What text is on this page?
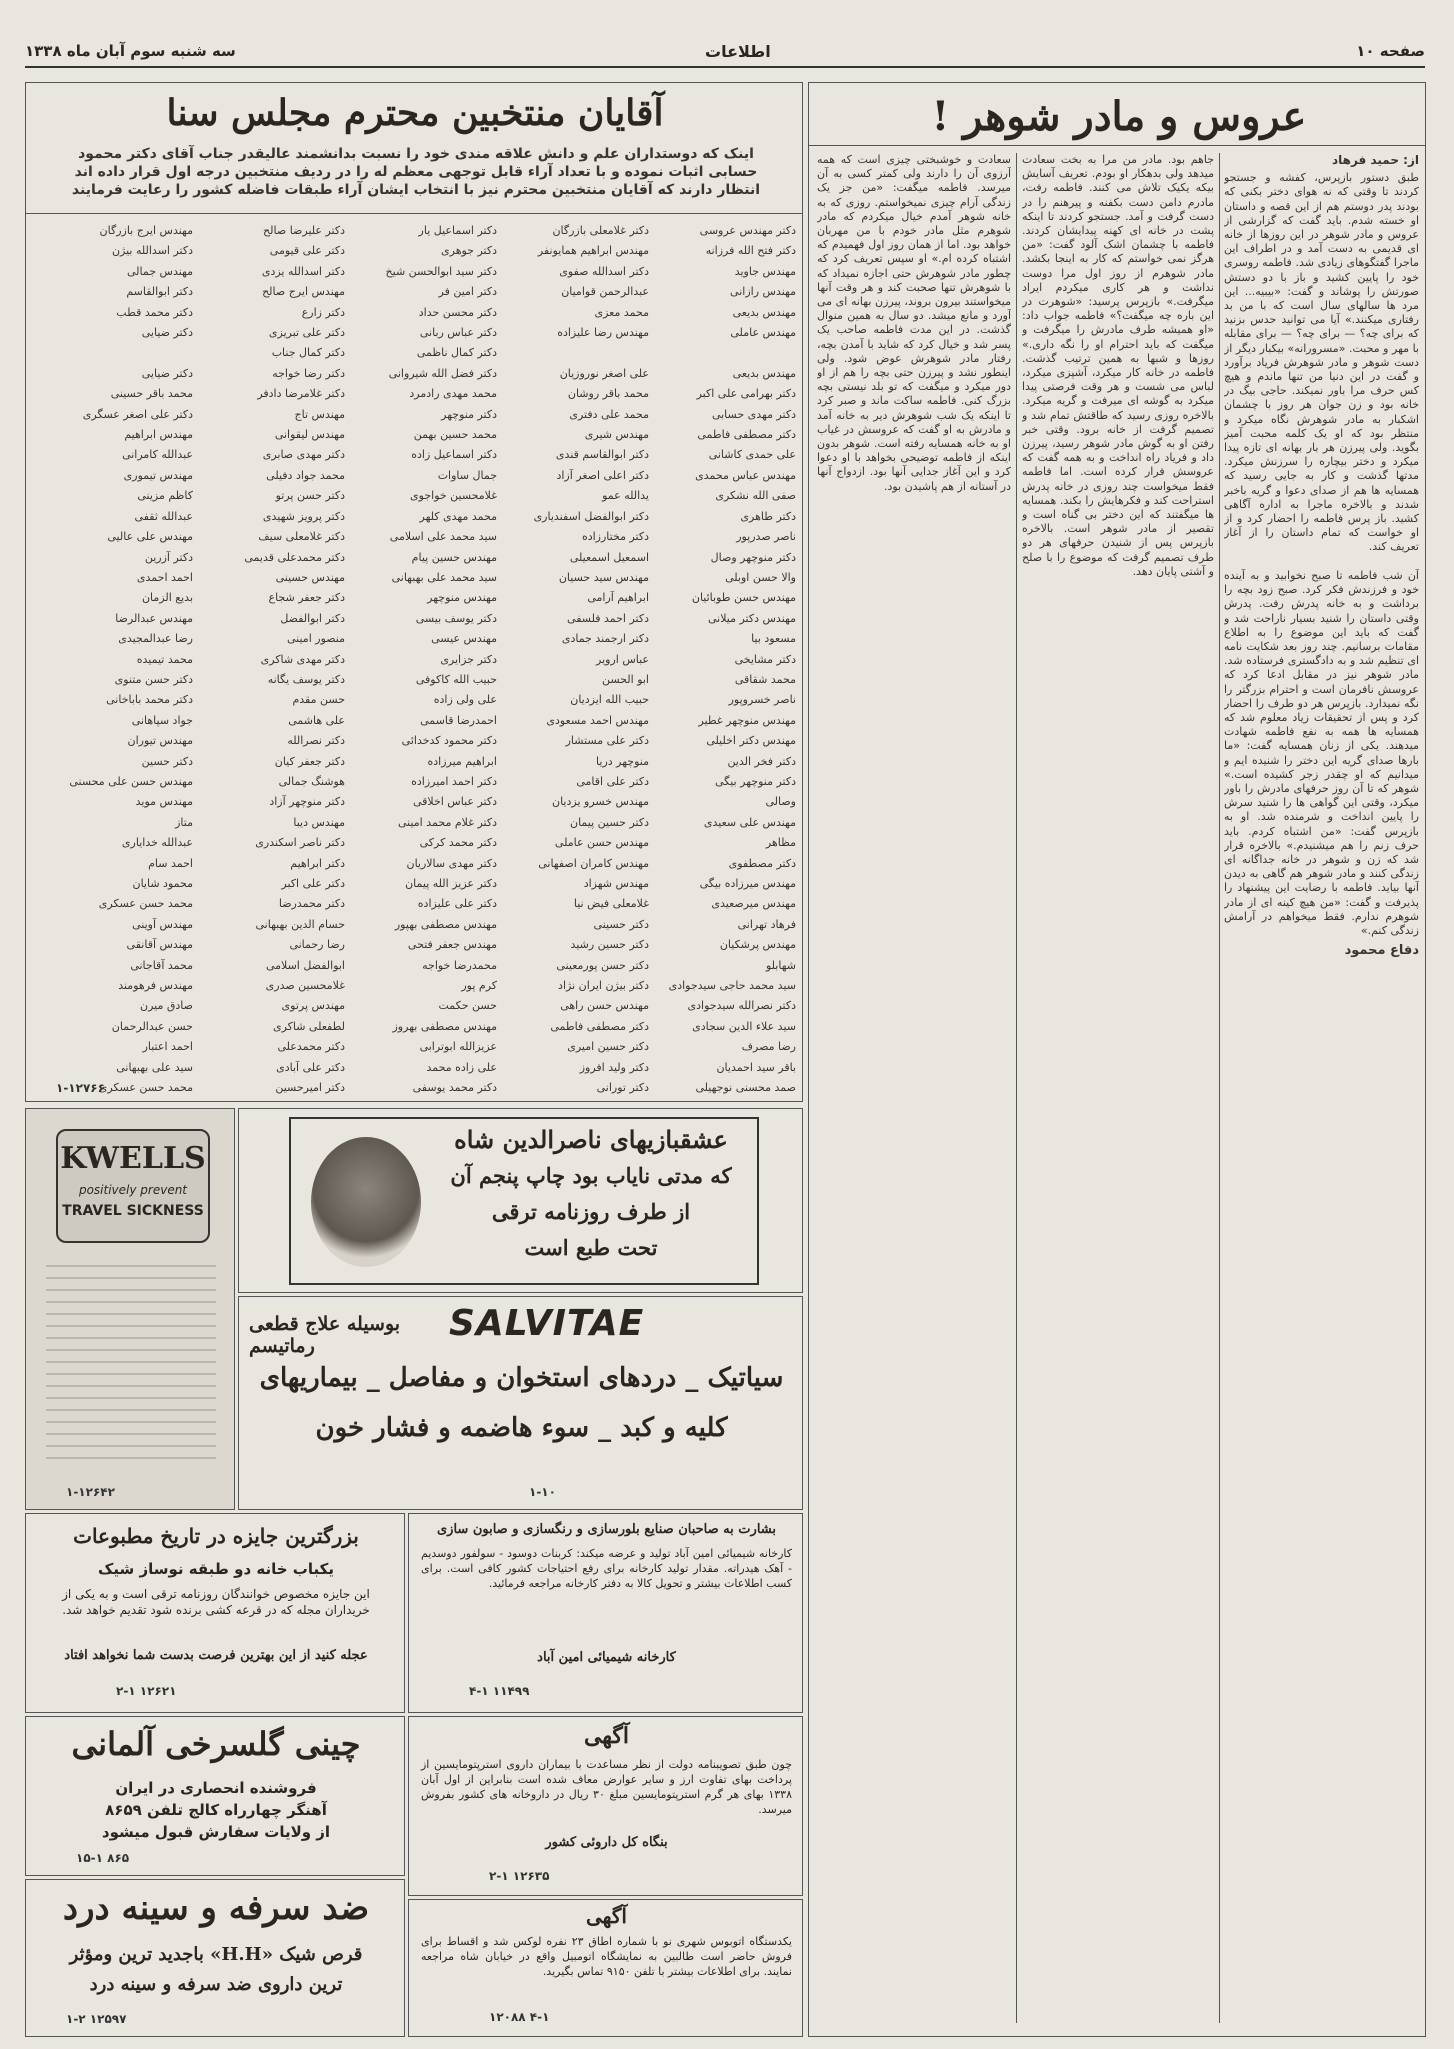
صفحه ۱۰
اطلاعات
سه شنبه سوم آبان ماه ۱۳۳۸
عروس و مادر شوهر !
از: حمید فرهاد
طبق دستور بازپرس، کفشه و جستجو کردند تا وقتی که نه هوای دختر بکنی که بودند پدر دوستم هم از این قصه و داستان او خسته شدم. باید گفت که گزارشی از عروس و مادر شوهر در این روزها از خانه ای قدیمی به دست آمد و در اطراف این ماجرا گفتگوهای زیادی شد. فاطمه روسری خود را پایین کشید و باز با دو دستش صورتش را پوشاند و گفت: «بیبیه... این مرد ها سالهای سال است که با من بد رفتاری میکنند.» آیا می توانید حدس بزنید که برای چه؟ — برای چه؟ — برای مقابله با مهر و محبت. «مسرورانه» بیکبار دیگر از دست شوهر و مادر شوهرش فریاد برآورد و گفت در این دنیا من تنها ماندم و هیچ کس حرف مرا باور نمیکند. حاجی بیگ در خانه بود و زن جوان هر روز با چشمان اشکبار به مادر شوهرش نگاه میکرد و منتظر بود که او یک کلمه محبت آمیز بگوید. ولی پیرزن هر بار بهانه ای تازه پیدا میکرد و دختر بیچاره را سرزنش میکرد. مدتها گذشت و کار به جایی رسید که همسایه ها هم از صدای دعوا و گریه باخبر شدند و بالاخره ماجرا به اداره آگاهی کشید. باز پرس فاطمه را احضار کرد و از او خواست که تمام داستان را از آغاز تعریف کند.

آن شب فاطمه تا صبح نخوابید و به آینده خود و فرزندش فکر کرد. صبح زود بچه را برداشت و به خانه پدرش رفت. پدرش وقتی داستان را شنید بسیار ناراحت شد و گفت که باید این موضوع را به اطلاع مقامات برسانیم. چند روز بعد شکایت نامه ای تنظیم شد و به دادگستری فرستاده شد. مادر شوهر نیز در مقابل ادعا کرد که عروسش نافرمان است و احترام بزرگتر را نگه نمیدارد. بازپرس هر دو طرف را احضار کرد و پس از تحقیقات زیاد معلوم شد که همسایه ها همه به نفع فاطمه شهادت میدهند. یکی از زنان همسایه گفت: «ما بارها صدای گریه این دختر را شنیده ایم و میدانیم که او چقدر زجر کشیده است.» شوهر که تا آن روز حرفهای مادرش را باور میکرد، وقتی این گواهی ها را شنید سرش را پایین انداخت و شرمنده شد. او به بازپرس گفت: «من اشتباه کردم. باید حرف زنم را هم میشنیدم.» بالاخره قرار شد که زن و شوهر در خانه جداگانه ای زندگی کنند و مادر شوهر هم گاهی به دیدن آنها بیاید. فاطمه با رضایت این پیشنهاد را پذیرفت و گفت: «من هیچ کینه ای از مادر شوهرم ندارم. فقط میخواهم در آرامش زندگی کنم.»
دفاع محمود
جاهم بود. مادر من مرا به بخت سعادت میدهد ولی بدهکار او بودم. تعریف آسایش بیکه یکیک تلاش می کنند. فاطمه رفت، مادرم دامن دست بکفنه و پیرهنم را در دست گرفت و آمد. جستجو کردند تا اینکه پشت در خانه ای کهنه پیدایشان کردند. فاطمه با چشمان اشک آلود گفت: «من هرگز نمی خواستم که کار به اینجا بکشد. مادر شوهرم از روز اول مرا دوست نداشت و هر کاری میکردم ایراد میگرفت.» بازپرس پرسید: «شوهرت در این باره چه میگفت؟» فاطمه جواب داد: «او همیشه طرف مادرش را میگرفت و میگفت که باید احترام او را نگه داری.» روزها و شبها به همین ترتیب گذشت. فاطمه در خانه کار میکرد، آشپزی میکرد، لباس می شست و هر وقت فرصتی پیدا میکرد به گوشه ای میرفت و گریه میکرد. بالاخره روزی رسید که طاقتش تمام شد و تصمیم گرفت از خانه برود. وقتی خبر رفتن او به گوش مادر شوهر رسید، پیرزن داد و فریاد راه انداخت و به همه گفت که عروسش فرار کرده است. اما فاطمه فقط میخواست چند روزی در خانه پدرش استراحت کند و فکرهایش را بکند. همسایه ها میگفتند که این دختر بی گناه است و تقصیر از مادر شوهر است. بالاخره بازپرس پس از شنیدن حرفهای هر دو طرف تصمیم گرفت که موضوع را با صلح و آشتی پایان دهد.
سعادت و خوشبختی چیزی است که همه آرزوی آن را دارند ولی کمتر کسی به آن میرسد. فاطمه میگفت: «من جز یک زندگی آرام چیزی نمیخواستم. روزی که به خانه شوهر آمدم خیال میکردم که مادر شوهرم مثل مادر خودم با من مهربان خواهد بود. اما از همان روز اول فهمیدم که اشتباه کرده ام.» او سپس تعریف کرد که چطور مادر شوهرش حتی اجازه نمیداد که با شوهرش تنها صحبت کند و هر وقت آنها میخواستند بیرون بروند، پیرزن بهانه ای می آورد و مانع میشد. دو سال به همین منوال گذشت. در این مدت فاطمه صاحب یک پسر شد و خیال کرد که شاید با آمدن بچه، رفتار مادر شوهرش عوض شود. ولی اینطور نشد و پیرزن حتی بچه را هم از او دور میکرد و میگفت که تو بلد نیستی بچه بزرگ کنی. فاطمه ساکت ماند و صبر کرد تا اینکه یک شب شوهرش دیر به خانه آمد و مادرش به او گفت که عروسش در غیاب او به خانه همسایه رفته است. شوهر بدون اینکه از فاطمه توضیحی بخواهد با او دعوا کرد و این آغاز جدایی آنها بود. ازدواج آنها در آستانه از هم پاشیدن بود.
آقایان منتخبین محترم مجلس سنا
اینک که دوستداران علم و دانش علاقه مندی خود را نسبت بدانشمند عالیقدر جناب آقای دکتر محمود حسابی اثبات نموده و با تعداد آراء قابل توجهی معظم له را در ردیف منتخبین درجه اول قرار داده اند انتظار دارند که آقایان منتخبین محترم نیز با انتخاب ایشان آراء طبقات فاضله کشور را رعایت فرمایند
دکتر مهندس عروسی
دکتر فتح الله فرزانه
مهندس جاوید
مهندس رازانی
مهندس بدیعی
مهندس عاملی

مهندس بدیعی
دکتر بهرامی علی اکبر
دکتر مهدی حسابی
دکتر مصطفی فاطمی
علی حمدی کاشانی
مهندس عباس محمدی
صفی الله نشکری
دکتر طاهری
ناصر صدرپور
دکتر منوچهر وصال
والا حسن اوبلی
مهندس حسن طوبائیان
مهندس دکتر میلانی
مسعود بیا
دکتر مشایخی
محمد شقاقی
ناصر خسروپور
مهندس منوچهر غطیر
مهندس دکتر اخلیلی
دکتر فخر الدین
دکتر منوچهر بیگی
وصالی
مهندس علی سعیدی
مظاهر
دکتر مصطفوی
مهندس میرزاده بیگی
مهندس میرصعیدی
فرهاد تهرانی
مهندس پرشکیان
شهابلو
سید محمد حاجی سیدجوادی
دکتر نصرالله سیدجوادی
سید علاء الدین سجادی
رضا مصرف
باقر سید احمدیان
صمد محسنی نوجهیلی
دکتر غلامعلی بازرگان
مهندس ابراهیم همایونفر
دکتر اسدالله صفوی
عبدالرحمن قوامیان
محمد معزی
مهندس رضا علیزاده

علی اصغر نوروزیان
محمد باقر روشان
محمد علی دفتری
مهندس شیری
دکتر ابوالقاسم قندی
دکتر اعلی اصغر آزاد
یدالله عمو
دکتر ابوالفضل اسفندیاری
دکتر مختارزاده
اسمعیل اسمعیلی
مهندس سید حسیان
ابراهیم آرامی
دکتر احمد فلسفی
دکتر ارجمند جمادی
عباس ارویر
ابو الحسن
حبیب الله ایزدیان
مهندس احمد مسعودی
دکتر علی مستشار
منوچهر دریا
دکتر علی اقامی
مهندس خسرو یزدیان
دکتر حسین پیمان
مهندس حسن عاملی
مهندس کامران اصفهانی
مهندس شهزاد
غلامعلی فیض نیا
دکتر حسینی
دکتر حسین رشید
دکتر حسن پورمعینی
دکتر بیژن ایران نژاد
مهندس حسن راهی
دکتر مصطفی فاطمی
دکتر حسین امیری
دکتر ولید افروز
دکتر تورانی
دکتر اسماعیل یار
دکتر جوهری
دکتر سید ابوالحسن شیخ
دکتر امین فر
دکتر محسن حداد
دکتر عباس ربانی
دکتر کمال ناظمی
دکتر فضل الله شیروانی
محمد مهدی رادمرد
دکتر منوچهر
محمد حسین بهمن
دکتر اسماعیل زاده
جمال ساوات
غلامحسین خواجوی
محمد مهدی کلهر
سید محمد علی اسلامی
مهندس حسین پیام
سید محمد علی بهبهانی
مهندس منوچهر
دکتر یوسف بیسی
مهندس عیسی
دکتر جزایری
حبیب الله کاکوفی
علی ولی زاده
احمدرضا قاسمی
دکتر محمود کدخدائی
ابراهیم میرزاده
دکتر احمد امیرزاده
دکتر عباس اخلاقی
دکتر غلام محمد امینی
دکتر محمد کرکی
دکتر مهدی سالاریان
دکتر عزیز الله پیمان
دکتر علی علیزاده
مهندس مصطفی بهپور
مهندس جعفر فتحی
محمدرضا خواجه
کرم پور
حسن حکمت
مهندس مصطفی بهروز
عزیزالله ابوترابی
علی زاده محمد
دکتر محمد یوسفی
دکتر علیرضا صالح
دکتر علی قیومی
دکتر اسدالله یزدی
مهندس ایرج صالح
دکتر زارع
دکتر علی تبریزی
دکتر کمال جناب
دکتر رضا خواجه
دکتر غلامرضا دادفر
مهندس تاج
مهندس لیقوانی
دکتر مهدی صابری
محمد جواد دفیلی
دکتر حسن پرتو
دکتر پرویز شهیدی
دکتر غلامعلی سیف
دکتر محمدعلی قدیمی
مهندس حسینی
دکتر جعفر شجاع
دکتر ابوالفضل
منصور امینی
دکتر مهدی شاکری
دکتر یوسف یگانه
حسن مقدم
علی هاشمی
دکتر نصرالله
دکتر جعفر کیان
هوشنگ جمالی
دکتر منوچهر آزاد
مهندس دیبا
دکتر ناصر اسکندری
دکتر ابراهیم
دکتر علی اکبر
دکتر محمدرضا
حسام الدین بهبهانی
رضا رحمانی
ابوالفضل اسلامی
غلامحسین صدری
مهندس پرتوی
لطفعلی شاکری
دکتر محمدعلی
دکتر علی آبادی
دکتر امیرحسین
مهندس ایرج بازرگان
دکتر اسدالله بیژن
مهندس جمالی
دکتر ابوالقاسم
دکتر محمد قطب
دکتر ضیایی

دکتر ضیایی
محمد باقر حسینی
دکتر علی اصغر عسگری
مهندس ابراهیم
عبدالله کامرانی
مهندس تیموری
کاظم مزینی
عبدالله ثقفی
مهندس علی عالیی
دکتر آزرین
احمد احمدی
بدیع الزمان
مهندس عبدالرضا
رضا عبدالمجیدی
محمد تیمیده
دکتر حسن متنوی
دکتر محمد باباخانی
جواد سپاهانی
مهندس تیوران
دکتر حسین
مهندس حسن علی محسنی
مهندس موید
متاز
عبدالله خدایاری
احمد سام
محمود شایان
محمد حسن عسکری
مهندس آوینی
مهندس آقانقی
محمد آقاجانی
مهندس فرهومند
صادق میرن
حسن عبدالرحمان
احمد اعتبار
سید علی بهبهانی
محمد حسن عسکری
۱-۱۲۷۶۶
KWELLS
positively prevent
TRAVEL SICKNESS
۱-۱۲۶۴۲
عشقبازیهای ناصرالدین شاه
که مدتی نایاب بود چاپ پنجم آن
از طرف روزنامه ترقی
تحت طبع است
SALVITAE
بوسیله علاج قطعی رماتیسم
سیاتیک _ دردهای استخوان و مفاصل _ بیماریهای
کلیه و کبد _ سوء هاضمه و فشار خون
۱-۱۰
بزرگترین جایزه در تاریخ مطبوعات
یکباب خانه دو طبقه نوساز شیک
این جایزه مخصوص خوانندگان روزنامه ترقی است و به یکی از خریداران مجله که در قرعه کشی برنده شود تقدیم خواهد شد.
عجله کنید از این بهترین فرصت بدست شما نخواهد افتاد
۲-۱ ۱۲۶۲۱
بشارت به صاحبان صنایع بلورسازی و رنگسازی و صابون سازی
کارخانه شیمیائی امین آباد تولید و عرضه میکند: کربنات دوسود - سولفور دوسدیم - آهک هیدراته. مقدار تولید کارخانه برای رفع احتیاجات کشور کافی است. برای کسب اطلاعات بیشتر و تحویل کالا به دفتر کارخانه مراجعه فرمائید.
کارخانه شیمیائی امین آباد
۴-۱ ۱۱۴۹۹
چینی گلسرخی آلمانی
فروشنده انحصاری در ایران
آهنگر چهارراه کالج تلفن ۸۶۵۹
از ولایات سفارش قبول میشود
۱۵-۱ ۸۶۵
آگهی
چون طبق تصویبنامه دولت از نظر مساعدت با بیماران داروی استرپتومایسین از پرداخت بهای تفاوت ارز و سایر عوارض معاف شده است بنابراین از اول آبان ۱۳۳۸ بهای هر گرم استرپتومایسین مبلغ ۳۰ ریال در داروخانه های کشور بفروش میرسد.
بنگاه کل داروئی کشور
۲-۱ ۱۲۶۳۵
ضد سرفه و سینه درد
قرص شیک «H.H» باجدید ترین ومؤثر
ترین داروی ضد سرفه و سینه درد
۱-۲ ۱۲۵۹۷
آگهی
یکدستگاه اتوبوس شهری نو با شماره اطاق ۲۳ نفره لوکس شد و اقساط برای فروش حاضر است طالبین به نمایشگاه اتومبیل واقع در خیابان شاه مراجعه نمایند. برای اطلاعات بیشتر با تلفن ۹۱۵۰ تماس بگیرید.
۱۲۰۸۸ ۴-۱
